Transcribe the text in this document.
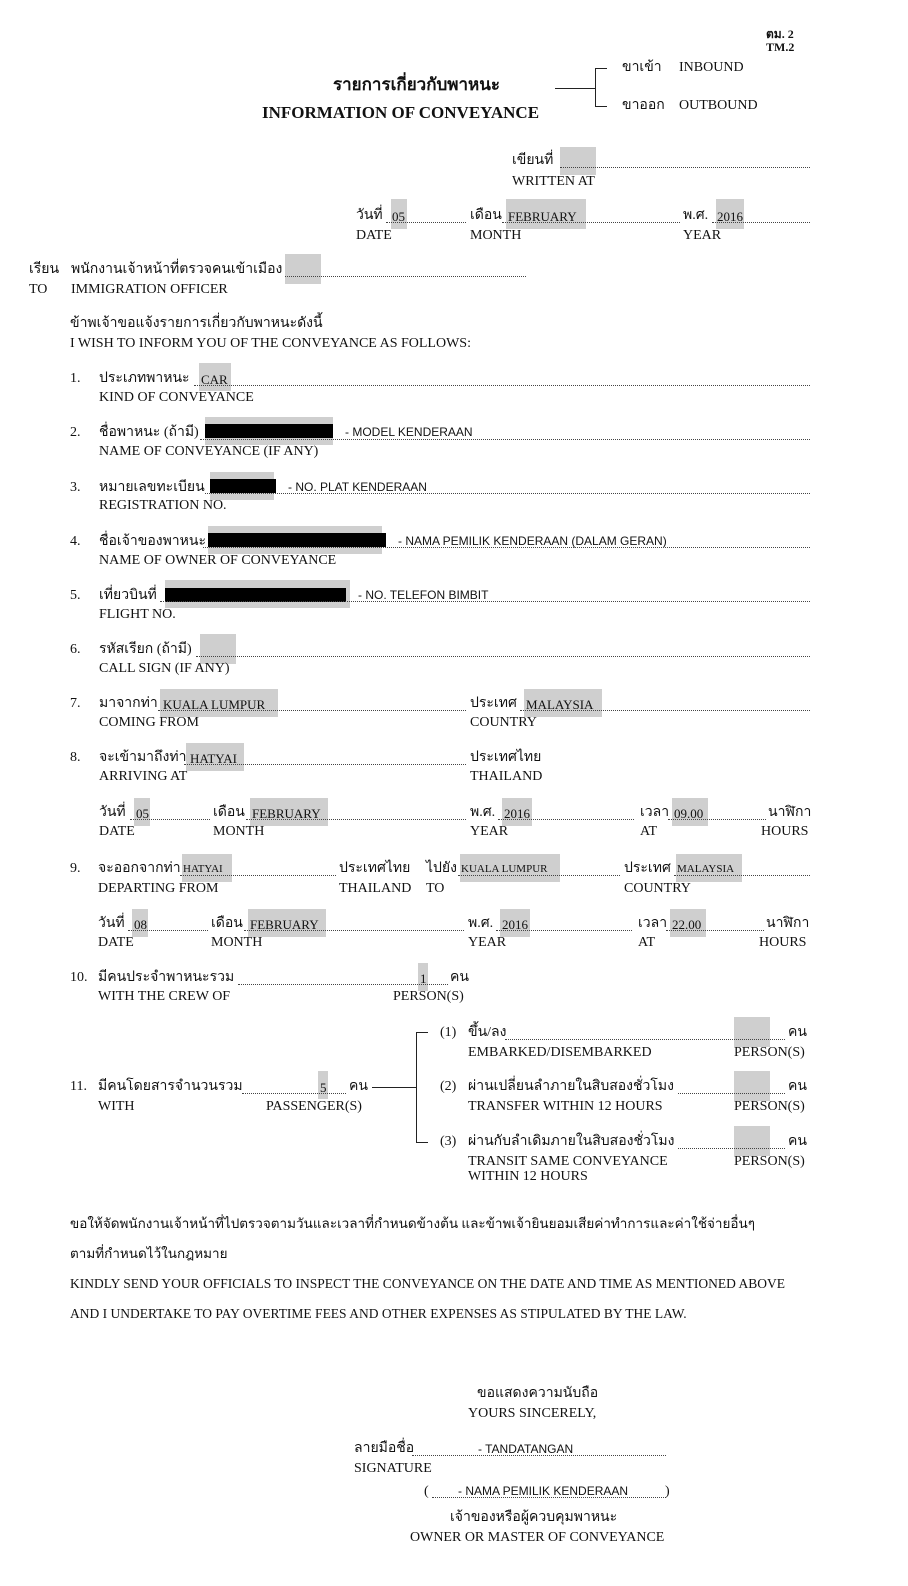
ตม. 2
TM.2
รายการเกี่ยวกับพาหนะ
INFORMATION OF CONVEYANCE
ขาเข้า INBOUND
ขาออก OUTBOUND
เขียนที่
WRITTEN AT
วันที่ 05	เดือน FEBRUARY	พ.ศ. 2016
DATE	MONTH	YEAR
เรียน พนักงานเจ้าหน้าที่ตรวจคนเข้าเมือง
TO IMMIGRATION OFFICER
ข้าพเจ้าขอแจ้งรายการเกี่ยวกับพาหนะดังนี้
I WISH TO INFORM YOU OF THE CONVEYANCE AS FOLLOWS:
1. ประเภทพาหนะ CAR
KIND OF CONVEYANCE
2. ชื่อพาหนะ (ถ้ามี)	- MODEL KENDERAAN
NAME OF CONVEYANCE (IF ANY)
3. หมายเลขทะเบียน	- NO. PLAT KENDERAAN
REGISTRATION NO.
4. ชื่อเจ้าของพาหนะ	- NAMA PEMILIK KENDERAAN (DALAM GERAN)
NAME OF OWNER OF CONVEYANCE
5. เที่ยวบินที่	- NO. TELEFON BIMBIT
FLIGHT NO.
6. รหัสเรียก (ถ้ามี)
CALL SIGN (IF ANY)
7. มาจากท่า KUALA LUMPUR	ประเทศ MALAYSIA
COMING FROM	COUNTRY
8. จะเข้ามาถึงท่า HATYAI	ประเทศไทย
ARRIVING AT	THAILAND
วันที่ 05	เดือน FEBRUARY	พ.ศ. 2016	เวลา 09.00	นาฬิกา
DATE	MONTH	YEAR	AT	HOURS
9. จะออกจากท่า HATYAI	ประเทศไทย ไปยัง KUALA LUMPUR	ประเทศ MALAYSIA
DEPARTING FROM	THAILAND TO	COUNTRY
วันที่ 08	เดือน FEBRUARY	พ.ศ. 2016	เวลา 22.00	นาฬิกา
DATE	MONTH	YEAR	AT	HOURS
10. มีคนประจำพาหนะรวม	1 คน
WITH THE CREW OF	PERSON(S)
11. มีคนโดยสารจำนวนรวม	5 คน
WITH	PASSENGER(S)
(1) ขึ้น/ลง	คน
EMBARKED/DISEMBARKED	PERSON(S)
(2) ผ่านเปลี่ยนลำภายในสิบสองชั่วโมง	คน
TRANSFER WITHIN 12 HOURS	PERSON(S)
(3) ผ่านกับลำเดิมภายในสิบสองชั่วโมง	คน
TRANSIT SAME CONVEYANCE
WITHIN 12 HOURS
PERSON(S)
ขอให้จัดพนักงานเจ้าหน้าที่ไปตรวจตามวันและเวลาที่กำหนดข้างต้น และข้าพเจ้ายินยอมเสียค่าทำการและค่าใช้จ่ายอื่นๆ
ตามที่กำหนดไว้ในกฎหมาย
KINDLY SEND YOUR OFFICIALS TO INSPECT THE CONVEYANCE ON THE DATE AND TIME AS MENTIONED ABOVE
AND I UNDERTAKE TO PAY OVERTIME FEES AND OTHER EXPENSES AS STIPULATED BY THE LAW.
ขอแสดงความนับถือ
YOURS SINCERELY,
ลายมือชื่อ	- TANDATANGAN
SIGNATURE
( - NAMA PEMILIK KENDERAAN	)
เจ้าของหรือผู้ควบคุมพาหนะ
OWNER OR MASTER OF CONVEYANCE
